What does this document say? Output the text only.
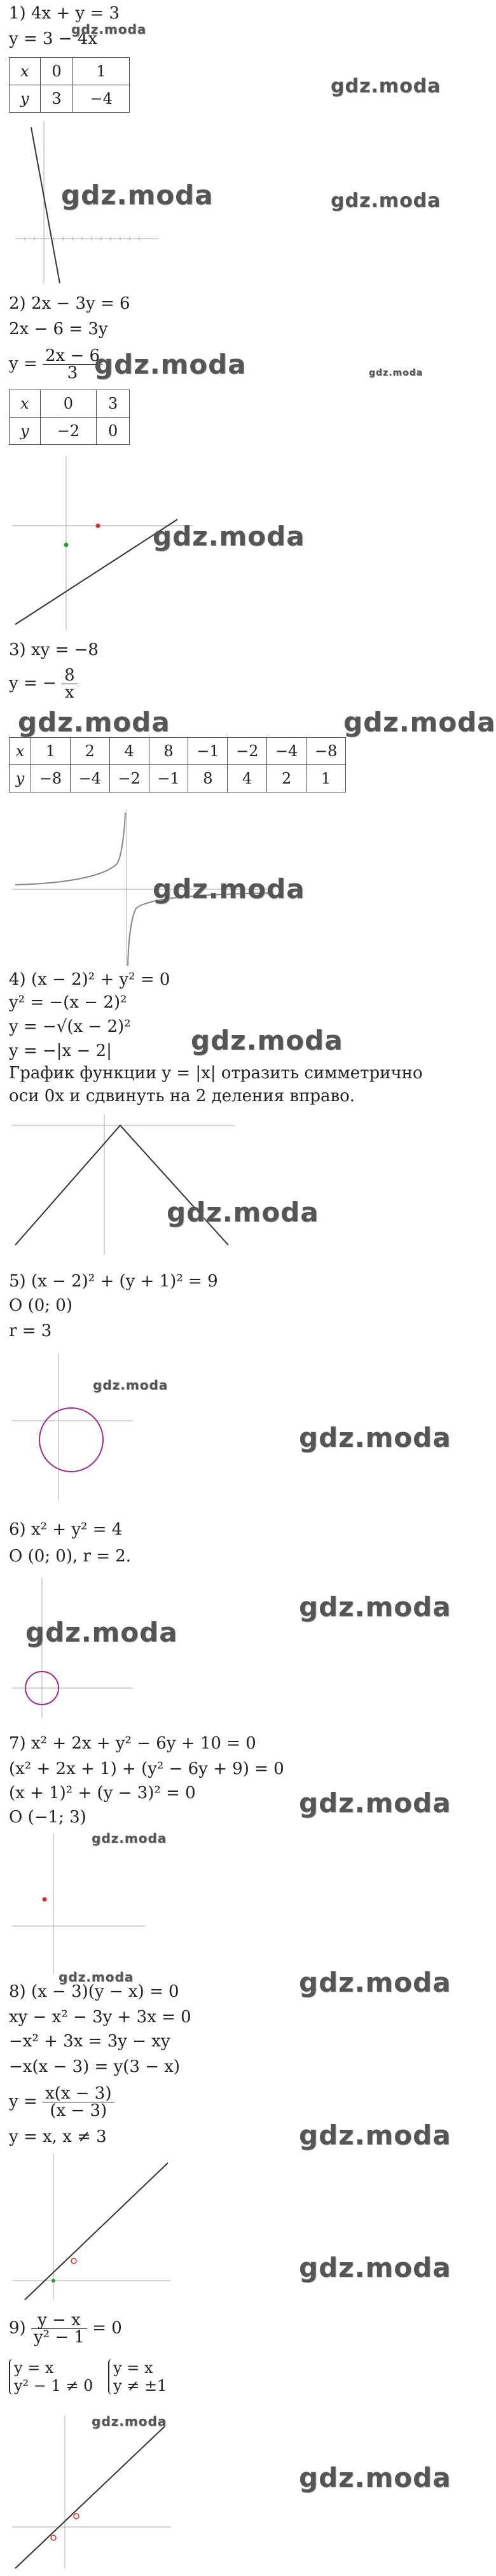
1) 4x + y = 3
y = 3 − 4x
x	0	1
y	3	−4
gdz.moda
gdz.moda
gdz.moda	gdz.moda
2) 2x − 3y = 6
2x − 6 = 3y
$y = \frac{2x - 6}{3}$
gdz.moda	gdz.moda
x	0	3
y	−2	0
gdz.moda
3) xy = −8
y = − $\frac{8}{x}$
gdz.moda	gdz.moda
x	1	2	4	8	−1	−2	−4	−8
y	−8	−4	−2	−1	8	4	2	1
gdz.moda
4) (x − 2)² + y² = 0
y² = −(x − 2)²
y = −√(x − 2)²
y = −|x − 2|	gdz.moda
График функции y = |x| отразить симметрично оси 0x и сдвинуть на 2 деления вправо.
gdz.moda
5) (x − 2)² + (y + 1)² = 9
O (0; 0)
r = 3
gdz.moda
gdz.moda
6) x² + y² = 4
O (0; 0), r = 2.
gdz.moda
gdz.moda
7) x² + 2x + y² − 6y + 10 = 0
(x² + 2x + 1) + (y² − 6y + 9) = 0
(x + 1)² + (y − 3)² = 0
O (−1; 3)
gdz.moda
gdz.moda
gdz.moda	gdz.moda
8) (x − 3)(y − x) = 0
xy − x² − 3y + 3x = 0
−x² + 3x = 3y − xy
−x(x − 3) = y(3 − x)
$y = \frac{x(x - 3)}{(x - 3)}$
y = x, x ≠ 3	gdz.moda
gdz.moda
$9) \frac{y - x}{\text{y² − 1}} = 0$
y = x
y² − 1 ≠ 0

y = x
y ≠ ±1
gdz.moda
gdz.moda
